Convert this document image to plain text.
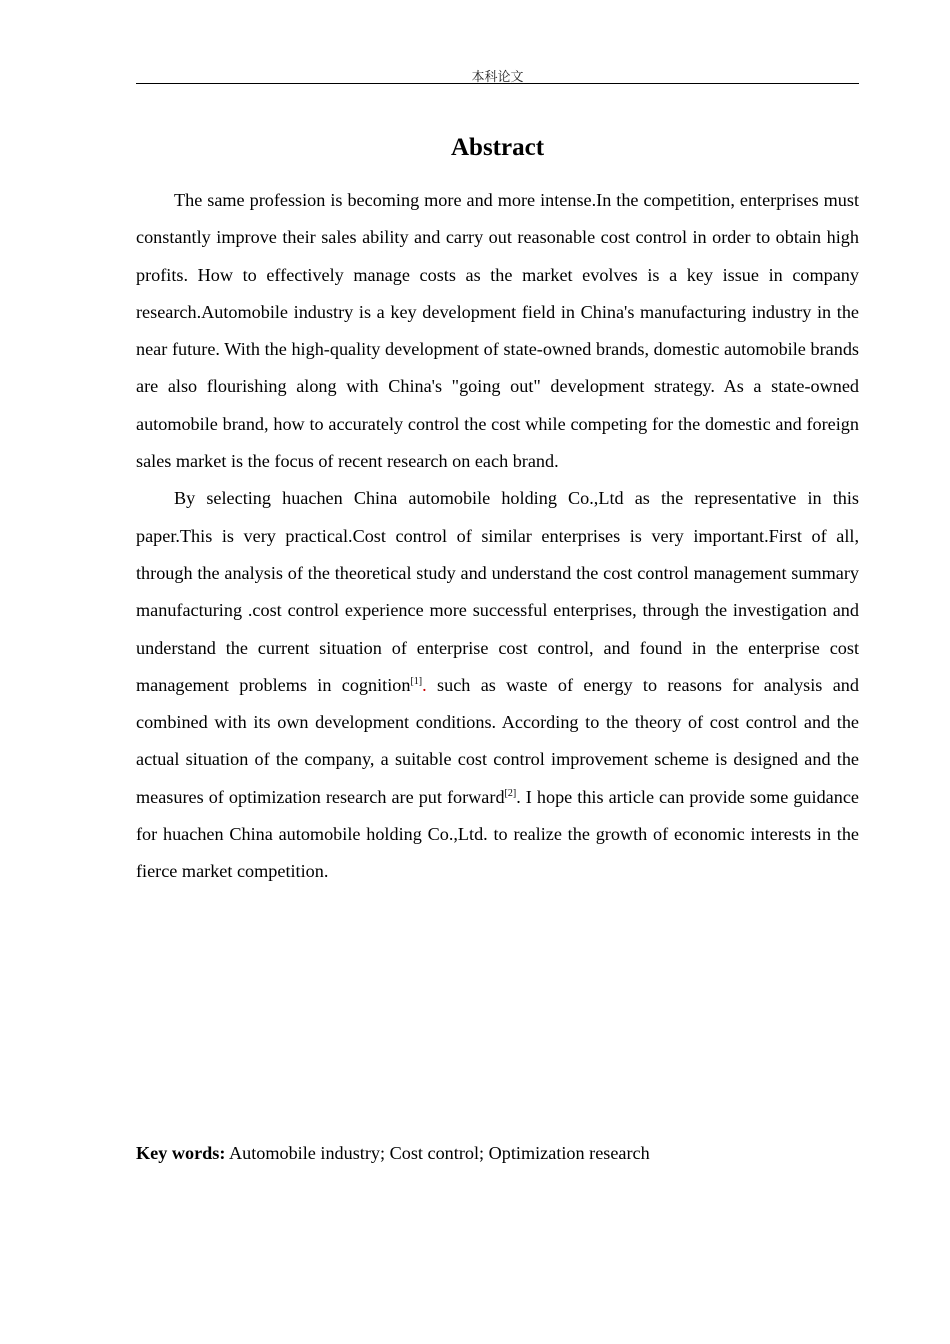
本科论文
Abstract

The same profession is becoming more and more intense.In the competition, enterprises must constantly improve their sales ability and carry out reasonable cost control in order to obtain high profits. How to effectively manage costs as the market evolves is a key issue in company research.Automobile industry is a key development field in China's manufacturing industry in the near future. With the high-quality development of state-owned brands, domestic automobile brands are also flourishing along with China's "going out" development strategy. As a state-owned automobile brand, how to accurately control the cost while competing for the domestic and foreign sales market is the focus of recent research on each brand.

By selecting huachen China automobile holding Co.,Ltd as the representative in this paper.This is very practical.Cost control of similar enterprises is very important.First of all, through the analysis of the theoretical study and understand the cost control management summary manufacturing .cost control experience more successful enterprises, through the investigation and understand the current situation of enterprise cost control, and found in the enterprise cost management problems in cognition[1]. such as waste of energy to reasons for analysis and combined with its own development conditions. According to the theory of cost control and the actual situation of the company, a suitable cost control improvement scheme is designed and the measures of optimization research are put forward[2]. I hope this article can provide some guidance for huachen China automobile holding Co.,Ltd. to realize the growth of economic interests in the fierce market competition.

Key words: Automobile industry; Cost control; Optimization research
